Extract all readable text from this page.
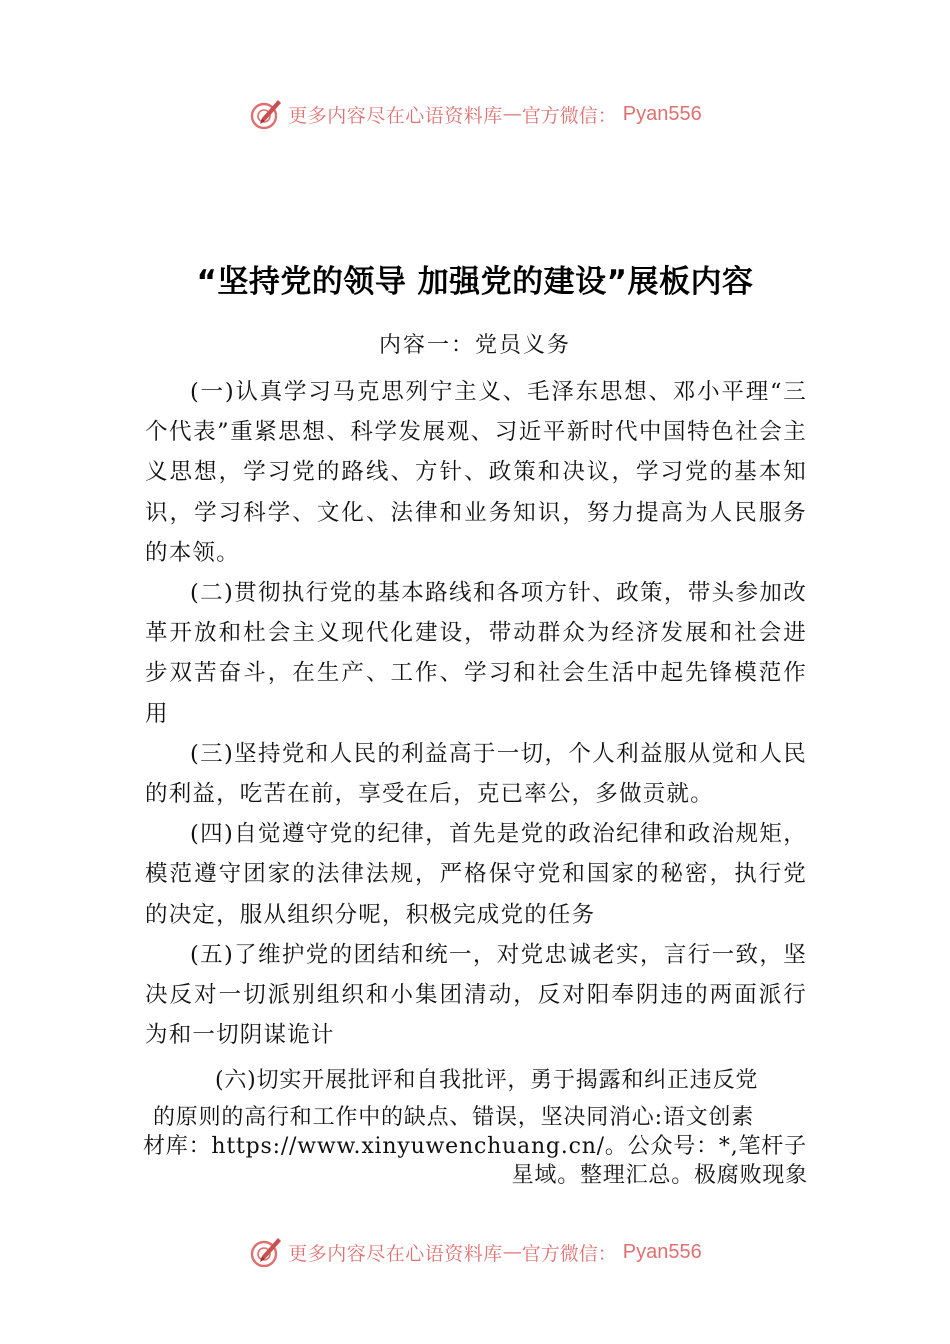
更多内容尽在心语资料库 — 官方微信： Pyan556
“坚持党的领导 加强党的建设”展板内容
内容一：党员义务

(一)认真学习马克思列宁主义、毛泽东思想、邓小平理“三个代表”重紧思想、科学发展观、习近平新时代中国特色社会主义思想，学习党的路线、方针、政策和决议，学习党的基本知识，学习科学、文化、法律和业务知识，努力提高为人民服务的本领。

(二)贯彻执行党的基本路线和各项方针、政策，带头参加改革开放和杜会主义现代化建设，带动群众为经济发展和社会进步双苦奋斗，在生产、工作、学习和社会生活中起先锋模范作用

(三)坚持党和人民的利益高于一切，个人利益服从觉和人民的利益，吃苦在前，享受在后，克已率公，多做贡就。

(四)自觉遵守党的纪律，首先是党的政治纪律和政治规矩，模范遵守团家的法律法规，严格保守党和国家的秘密，执行党的决定，服从组织分呢，积极完成党的任务

(五)了维护党的团结和统一，对党忠诚老实，言行一致，坚决反对一切派别组织和小集团清动，反对阳奉阴违的两面派行为和一切阴谋诡计

(六)切实开展批评和自我批评，勇于揭露和纠正违反党

的原则的高行和工作中的缺点、错误，坚决同消心:语文创素

材库：https://www.xinyuwenchuang.cn/。公众号：*,笔杆子

星域。整理汇总。极腐败现象

更多内容尽在心语资料库 — 官方微信： Pyan556
